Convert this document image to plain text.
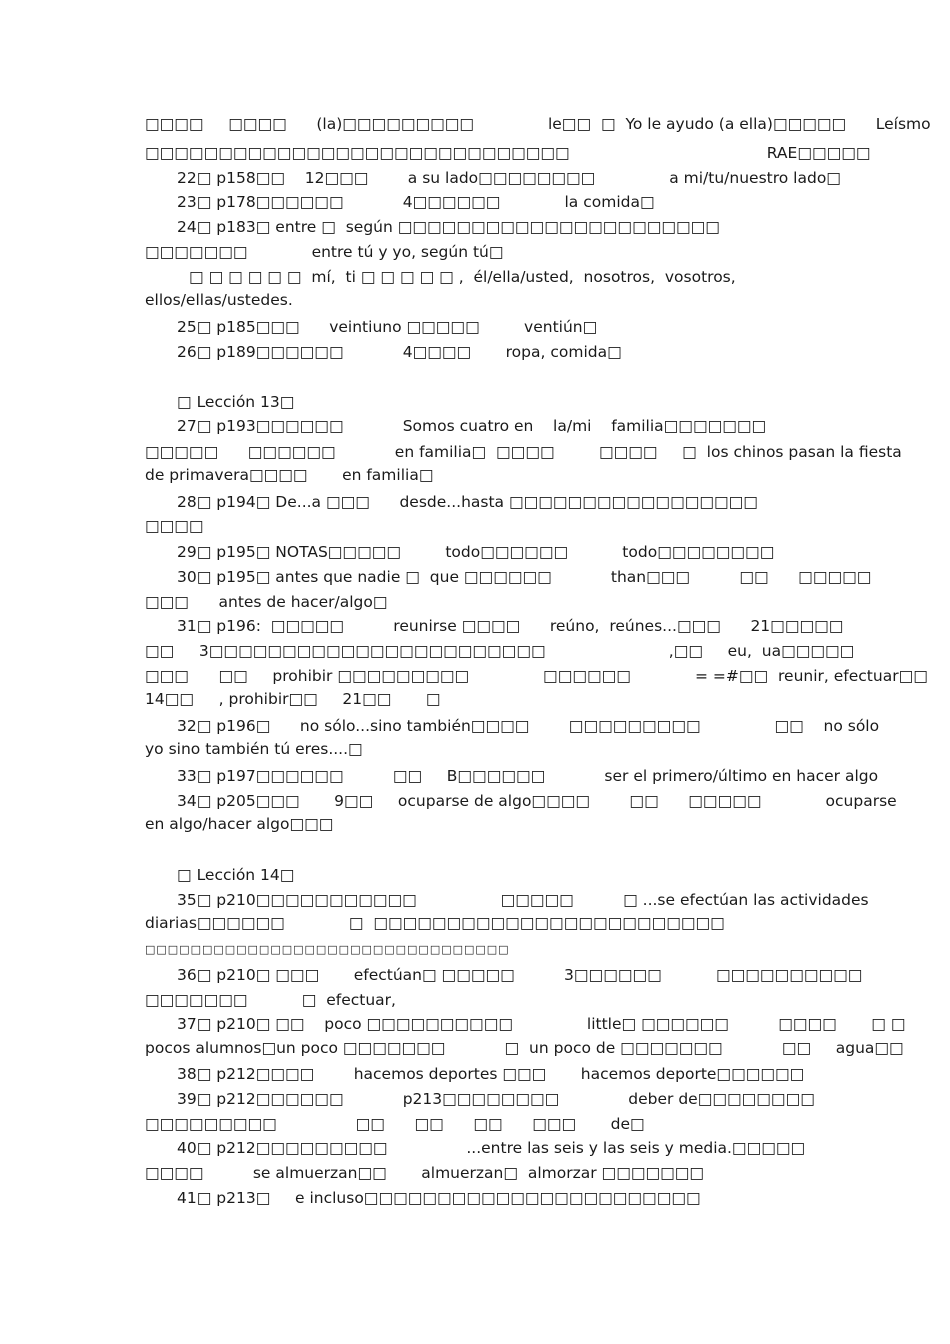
□□□□     □□□□      (la)□□□□□□□□□               le□□  □  Yo le ayudo (a ella)□□□□□      Leísmo
□□□□□□□□□□□□□□□□□□□□□□□□□□□□□                                        RAE□□□□□
22□ p158□□    12□□□        a su lado□□□□□□□□               a mi/tu/nuestro lado□
23□ p178□□□□□□            4□□□□□□             la comida□
24□ p183□ entre □  según □□□□□□□□□□□□□□□□□□□□□□
□□□□□□□             entre tú y yo, según tú□
□ □ □ □ □ □  mí,  ti □ □ □ □ □ ,  él/ella/usted,  nosotros,  vosotros,
ellos/ellas/ustedes.
25□ p185□□□      veintiuno □□□□□         ventiún□
26□ p189□□□□□□            4□□□□       ropa, comida□
□ Lección 13□
27□ p193□□□□□□            Somos cuatro en    la/mi    familia□□□□□□□
□□□□□      □□□□□□            en familia□  □□□□         □□□□     □  los chinos pasan la fiesta
de primavera□□□□       en familia□
28□ p194□ De...a □□□      desde...hasta □□□□□□□□□□□□□□□□□
□□□□
29□ p195□ NOTAS□□□□□         todo□□□□□□           todo□□□□□□□□
30□ p195□ antes que nadie □  que □□□□□□            than□□□          □□      □□□□□
□□□      antes de hacer/algo□
31□ p196:  □□□□□          reunirse □□□□      reúno,  reúnes...□□□      21□□□□□
□□     3□□□□□□□□□□□□□□□□□□□□□□□                         ,□□     eu,  ua□□□□□
□□□      □□     prohibir □□□□□□□□□               □□□□□□             = =#□□  reunir, efectuar□□
14□□     , prohibir□□     21□□       □
32□ p196□      no sólo...sino también□□□□        □□□□□□□□□               □□    no sólo
yo sino también tú eres....□
33□ p197□□□□□□          □□     B□□□□□□            ser el primero/último en hacer algo
34□ p205□□□       9□□     ocuparse de algo□□□□        □□      □□□□□             ocuparse
en algo/hacer algo□□□
□ Lección 14□
35□ p210□□□□□□□□□□□                 □□□□□          □ ...se efectúan las actividades
diarias□□□□□□             □  □□□□□□□□□□□□□□□□□□□□□□□□
□□□□□□□□□□□□□□□□□□□□□□□□□□□□□□□□
36□ p210□ □□□       efectúan□ □□□□□          3□□□□□□           □□□□□□□□□□
□□□□□□□           □  efectuar,
37□ p210□ □□    poco □□□□□□□□□□               little□ □□□□□□          □□□□       □ □
pocos alumnos□un poco □□□□□□□            □  un poco de □□□□□□□            □□     agua□□
38□ p212□□□□        hacemos deportes □□□       hacemos deporte□□□□□□
39□ p212□□□□□□            p213□□□□□□□□              deber de□□□□□□□□
□□□□□□□□□                □□      □□      □□      □□□       de□
40□ p212□□□□□□□□□                ...entre las seis y las seis y media.□□□□□
□□□□          se almuerzan□□       almuerzan□  almorzar □□□□□□□
41□ p213□     e incluso□□□□□□□□□□□□□□□□□□□□□□□
